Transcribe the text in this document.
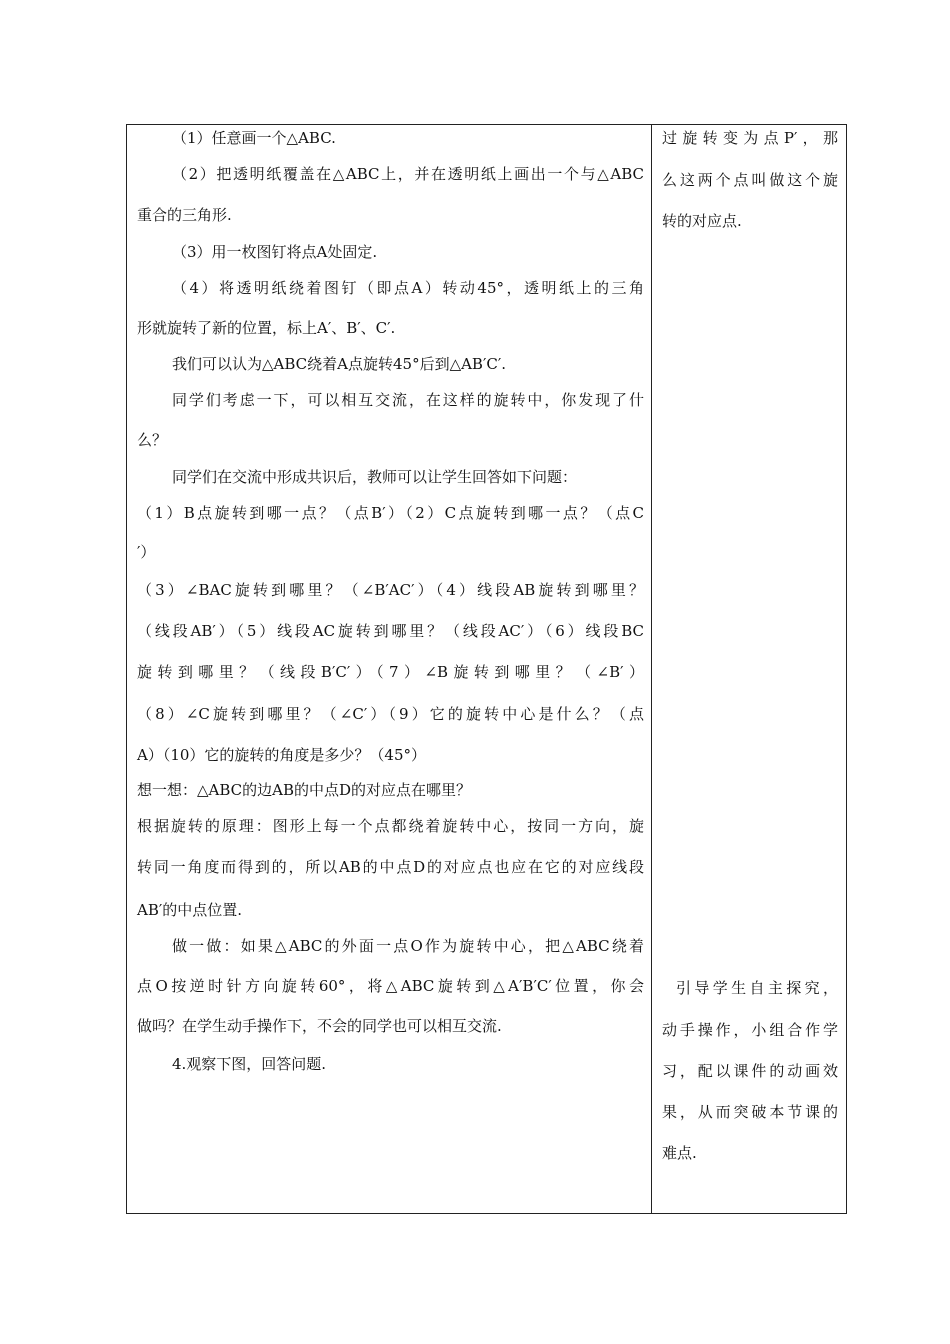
（1）任意画一个△ABC.
（2）把透明纸覆盖在△ABC上，并在透明纸上画出一个与△ABC
重合的三角形.
（3）用一枚图钉将点A处固定.
（4）将透明纸绕着图钉（即点A）转动45°，透明纸上的三角
形就旋转了新的位置，标上A′、B′、C′.
我们可以认为△ABC绕着A点旋转45°后到△AB′C′.
同学们考虑一下，可以相互交流，在这样的旋转中，你发现了什
么？
同学们在交流中形成共识后，教师可以让学生回答如下问题：
（1）B点旋转到哪一点？（点B′）（2）C点旋转到哪一点？（点C
′）
（3）∠BAC旋转到哪里？（∠B′AC′）（4）线段AB旋转到哪里？
（线段AB′）（5）线段AC旋转到哪里？（线段AC′）（6）线段BC
旋转到哪里？（线段B′C′）（7）∠B旋转到哪里？（∠B′）
（8）∠C旋转到哪里？（∠C′）（9）它的旋转中心是什么？（点
A）（10）它的旋转的角度是多少？（45°）
想一想：△ABC的边AB的中点D的对应点在哪里？
根据旋转的原理：图形上每一个点都绕着旋转中心，按同一方向，旋
转同一角度而得到的，所以AB的中点D的对应点也应在它的对应线段
AB′的中点位置.
做一做：如果△ABC的外面一点O作为旋转中心，把△ABC绕着
点O按逆时针方向旋转60°，将△ABC旋转到△A′B′C′位置，你会
做吗？在学生动手操作下，不会的同学也可以相互交流.
4.观察下图，回答问题.
过旋转变为点P′，那
么这两个点叫做这个旋
转的对应点.
引导学生自主探究，
动手操作，小组合作学
习，配以课件的动画效
果，从而突破本节课的
难点.
